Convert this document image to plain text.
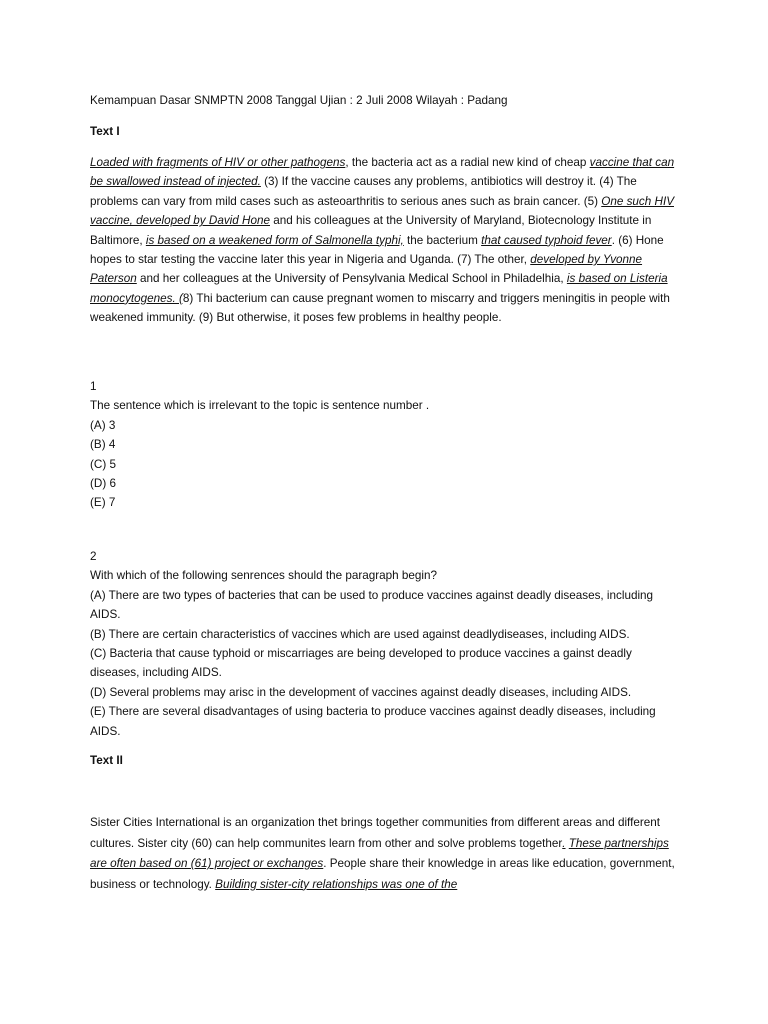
Kemampuan Dasar SNMPTN 2008 Tanggal Ujian : 2 Juli 2008 Wilayah : Padang

Text I

Loaded with fragments of HIV or other pathogens, the bacteria act as a radial new kind of cheap vaccine that can be swallowed instead of injected. (3) If the vaccine causes any problems, antibiotics will destroy it. (4) The problems can vary from mild cases such as asteoarthritis to serious anes such as brain cancer. (5) One such HIV vaccine, developed by David Hone and his colleagues at the University of Maryland, Biotecnology Institute in Baltimore, is based on a weakened form of Salmonella typhi, the bacterium that caused typhoid fever. (6) Hone hopes to star testing the vaccine later this year in Nigeria and Uganda. (7) The other, developed by Yvonne Paterson and her colleagues at the University of Pensylvania Medical School in Philadelhia, is based on Listeria monocytogenes. (8) Thi bacterium can cause pregnant women to miscarry and triggers meningitis in people with weakened immunity. (9) But otherwise, it poses few problems in healthy people.

1
The sentence which is irrelevant to the topic is sentence number .
(A) 3
(B) 4
(C) 5
(D) 6
(E) 7
2
With which of the following senrences should the paragraph begin?
(A) There are two types of bacteries that can be used to produce vaccines against deadly diseases, including AIDS.
(B) There are certain characteristics of vaccines which are used against deadlydiseases, including AIDS.
(C) Bacteria that cause typhoid or miscarriages are being developed to produce vaccines a gainst deadly diseases, including AIDS.
(D) Several problems may arisc in the development of vaccines against deadly diseases, including AIDS.
(E) There are several disadvantages of using bacteria to produce vaccines against deadly diseases, including AIDS.

Text II

Sister Cities International is an organization thet brings together communities from different areas and different cultures. Sister city (60) can help communites learn from other and solve problems together. These partnerships are often based on (61) project or exchanges. People share their knowledge in areas like education, government, business or technology. Building sister-city relationships was one of the
